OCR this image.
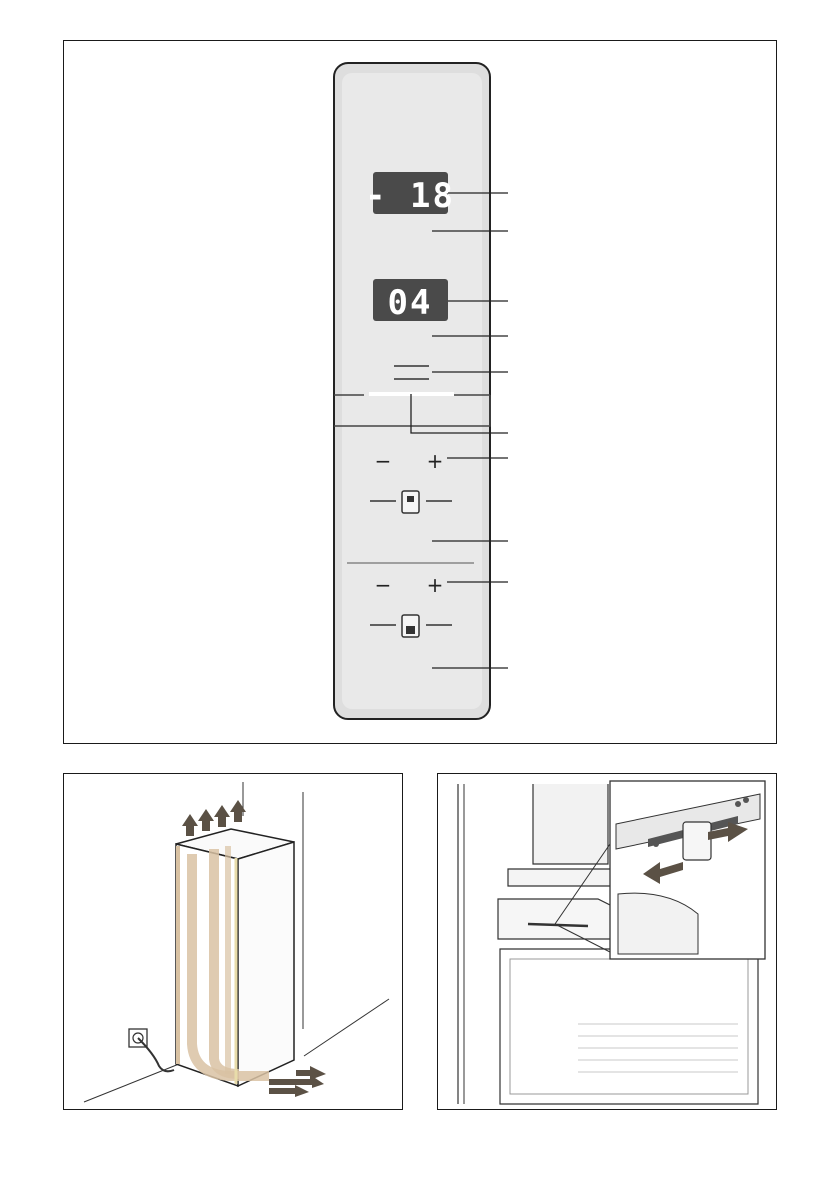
- 18
04
− +
− +
